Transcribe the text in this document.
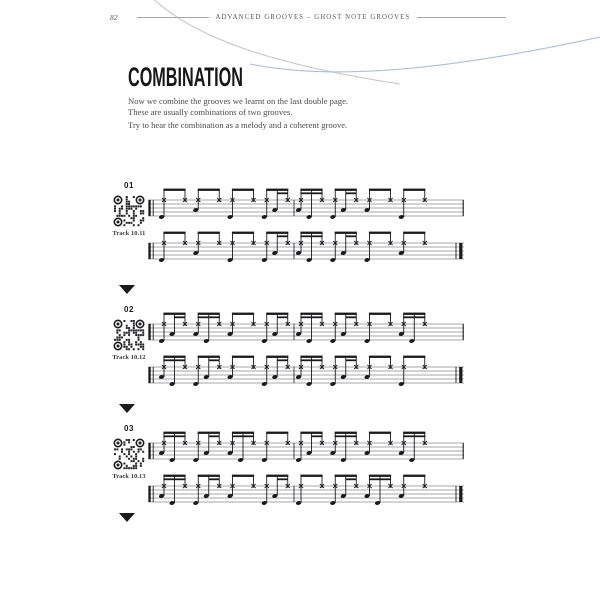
82	ADVANCED GROOVES – GHOST NOTE GROOVES
COMBINATION
Now we combine the grooves we learnt on the last double page.
These are usually combinations of two grooves.
Try to hear the combination as a melody and a coherent groove.
01
Track 10.11
02
Track 10.12
03
Track 10.13
